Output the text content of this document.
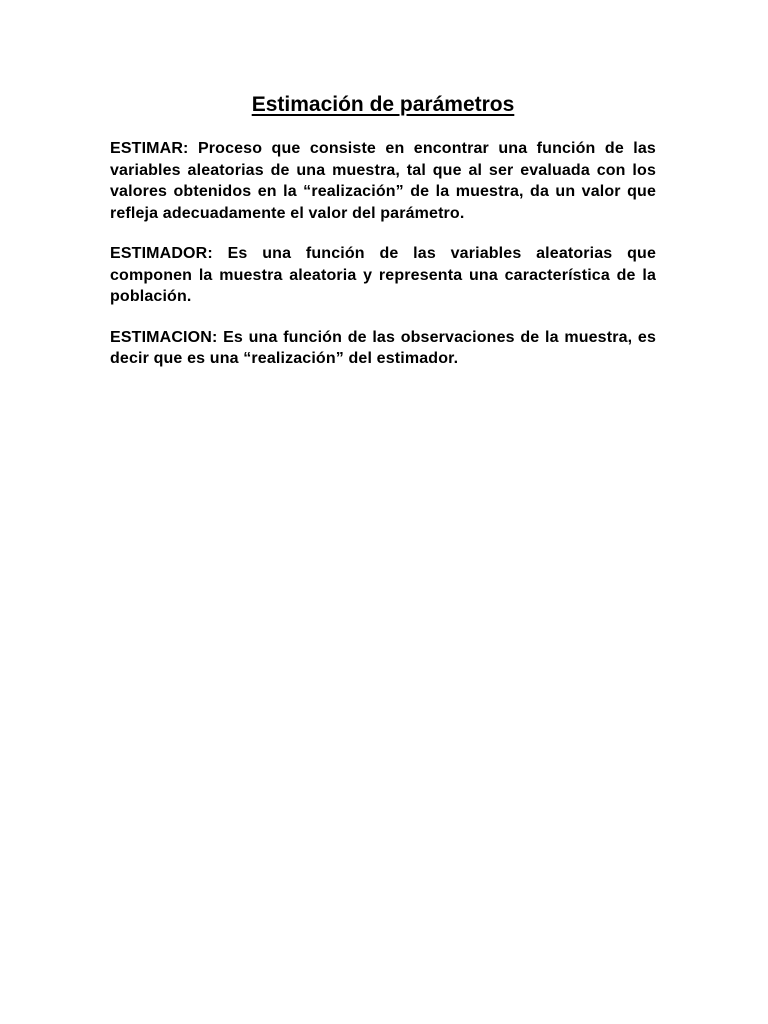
Estimación de parámetros

ESTIMAR: Proceso que consiste en encontrar una función de las variables aleatorias de una muestra, tal que al ser evaluada con los valores obtenidos en la “realización” de la muestra, da un valor que refleja adecuadamente el valor del parámetro.

ESTIMADOR: Es una función de las variables aleatorias que componen la muestra aleatoria y representa una característica de la población.

ESTIMACION: Es una función de las observaciones de la muestra, es decir que es una “realización” del estimador.
